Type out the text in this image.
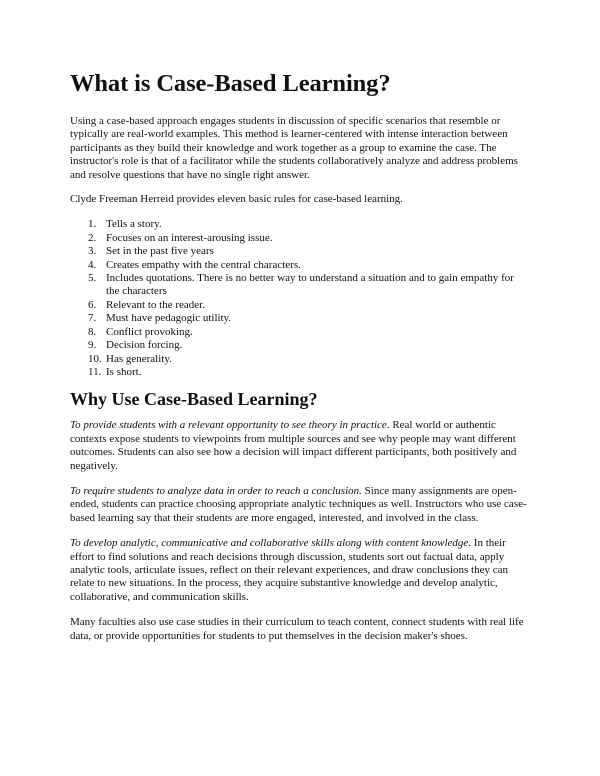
What is Case-Based Learning?

Using a case-based approach engages students in discussion of specific scenarios that resemble or typically are real-world examples. This method is learner-centered with intense interaction between participants as they build their knowledge and work together as a group to examine the case. The instructor's role is that of a facilitator while the students collaboratively analyze and address problems and resolve questions that have no single right answer.

Clyde Freeman Herreid provides eleven basic rules for case-based learning.

1. Tells a story.
2. Focuses on an interest-arousing issue.
3. Set in the past five years
4. Creates empathy with the central characters.
5. Includes quotations. There is no better way to understand a situation and to gain empathy for the characters
6. Relevant to the reader.
7. Must have pedagogic utility.
8. Conflict provoking.
9. Decision forcing.
10. Has generality.
11. Is short.
Why Use Case-Based Learning?

To provide students with a relevant opportunity to see theory in practice. Real world or authentic contexts expose students to viewpoints from multiple sources and see why people may want different outcomes. Students can also see how a decision will impact different participants, both positively and negatively.

To require students to analyze data in order to reach a conclusion. Since many assignments are open-ended, students can practice choosing appropriate analytic techniques as well. Instructors who use case-based learning say that their students are more engaged, interested, and involved in the class.

To develop analytic, communicative and collaborative skills along with content knowledge. In their effort to find solutions and reach decisions through discussion, students sort out factual data, apply analytic tools, articulate issues, reflect on their relevant experiences, and draw conclusions they can relate to new situations. In the process, they acquire substantive knowledge and develop analytic, collaborative, and communication skills.

Many faculties also use case studies in their curriculum to teach content, connect students with real life data, or provide opportunities for students to put themselves in the decision maker's shoes.
